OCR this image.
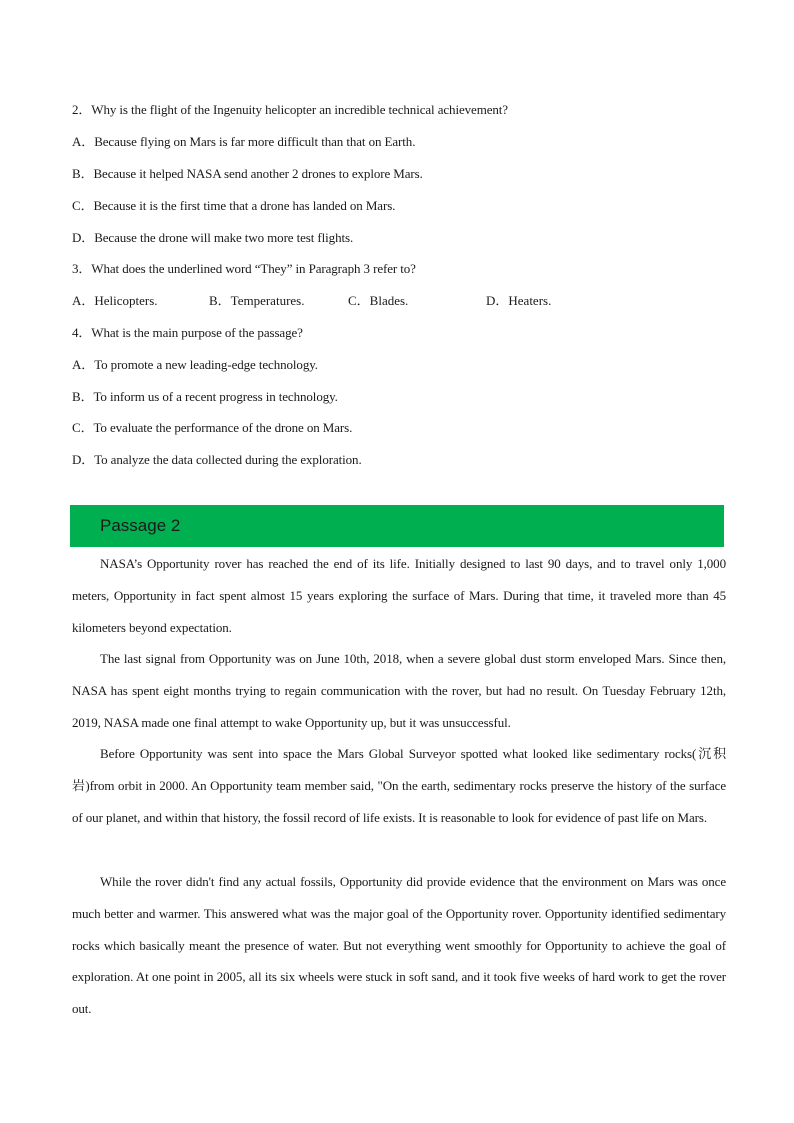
2．Why is the flight of the Ingenuity helicopter an incredible technical achievement?
A．Because flying on Mars is far more difficult than that on Earth.
B．Because it helped NASA send another 2 drones to explore Mars.
C．Because it is the first time that a drone has landed on Mars.
D．Because the drone will make two more test flights.
3．What does the underlined word “They” in Paragraph 3 refer to?
A．Helicopters.	B．Temperatures.	C．Blades.	D．Heaters.
4．What is the main purpose of the passage?
A．To promote a new leading-edge technology.
B．To inform us of a recent progress in technology.
C．To evaluate the performance of the drone on Mars.
D．To analyze the data collected during the exploration.
Passage 2
NASA’s Opportunity rover has reached the end of its life. Initially designed to last 90 days, and to travel only 1,000 meters, Opportunity in fact spent almost 15 years exploring the surface of Mars. During that time, it traveled more than 45 kilometers beyond expectation.
The last signal from Opportunity was on June 10th, 2018, when a severe global dust storm enveloped Mars. Since then, NASA has spent eight months trying to regain communication with the rover, but had no result. On Tuesday February 12th, 2019, NASA made one final attempt to wake Opportunity up, but it was unsuccessful.
Before Opportunity was sent into space the Mars Global Surveyor spotted what looked like sedimentary rocks(沉积岩)from orbit in 2000. An Opportunity team member said, "On the earth, sedimentary rocks preserve the history of the surface of our planet, and within that history, the fossil record of life exists. It is reasonable to look for evidence of past life on Mars.
While the rover didn't find any actual fossils, Opportunity did provide evidence that the environment on Mars was once much better and warmer. This answered what was the major goal of the Opportunity rover. Opportunity identified sedimentary rocks which basically meant the presence of water. But not everything went smoothly for Opportunity to achieve the goal of exploration. At one point in 2005, all its six wheels were stuck in soft sand, and it took five weeks of hard work to get the rover out.
